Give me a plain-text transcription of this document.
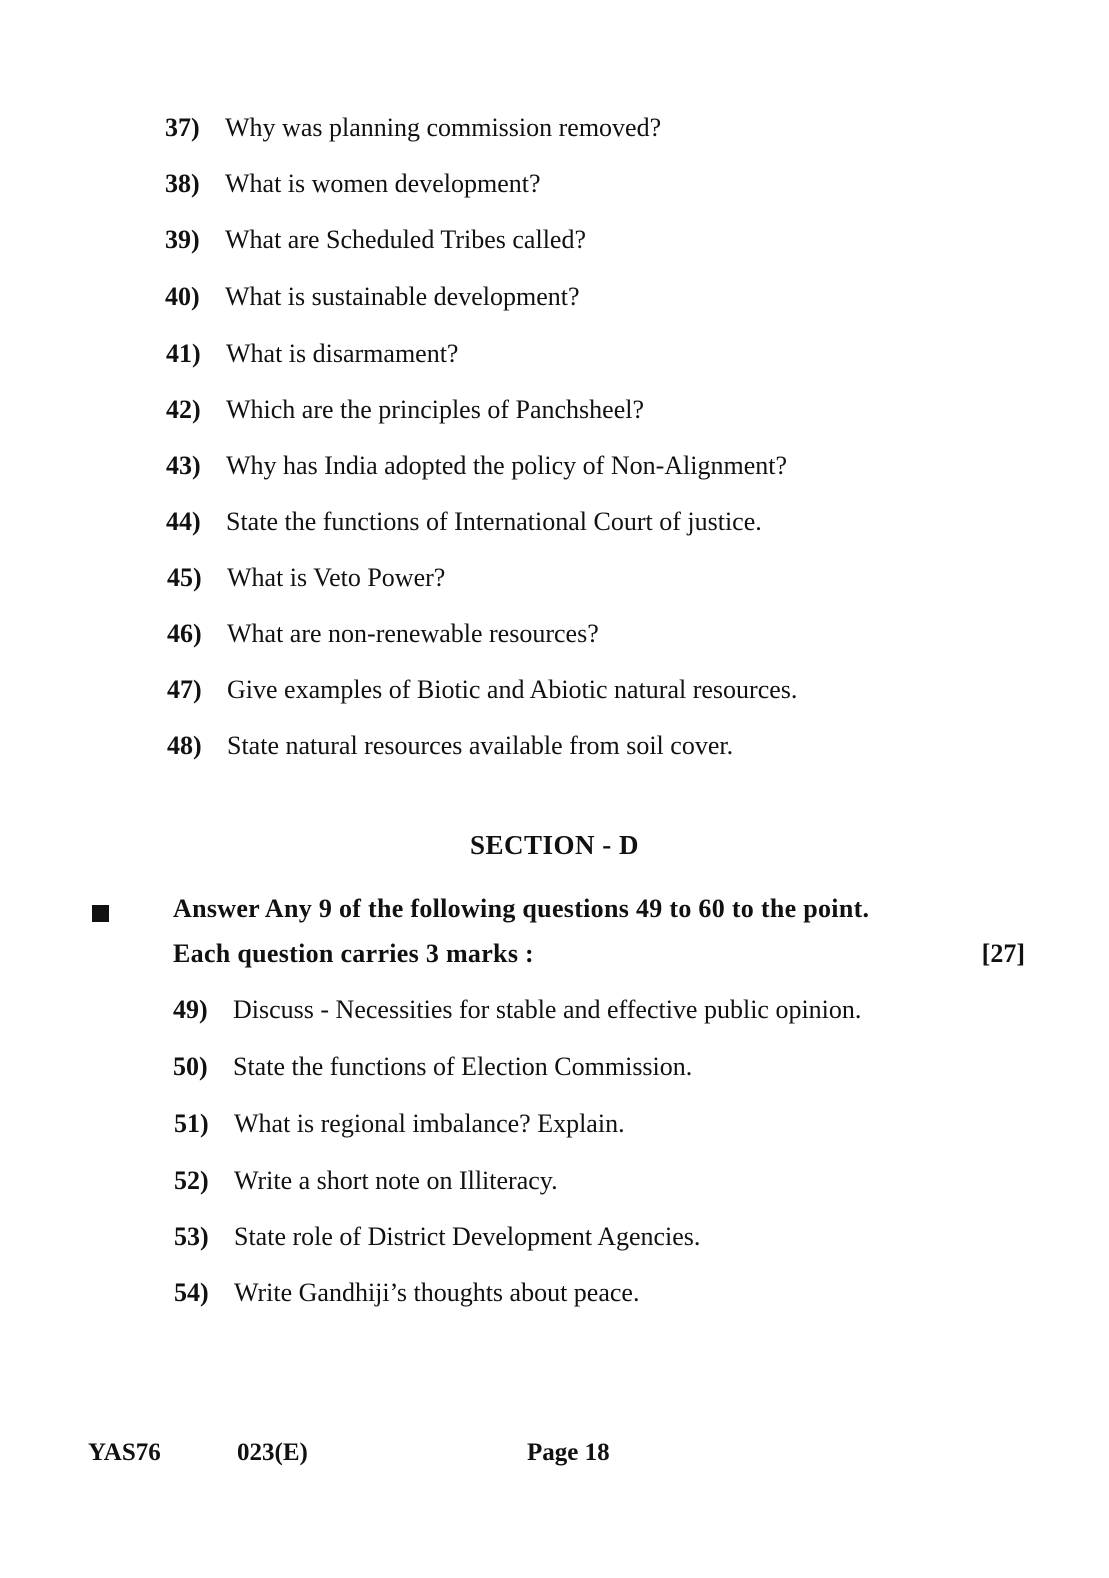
37) Why was planning commission removed?
38) What is women development?
39) What are Scheduled Tribes called?
40) What is sustainable development?
41) What is disarmament?
42) Which are the principles of Panchsheel?
43) Why has India adopted the policy of Non-Alignment?
44) State the functions of International Court of justice.
45) What is Veto Power?
46) What are non-renewable resources?
47) Give examples of Biotic and Abiotic natural resources.
48) State natural resources available from soil cover.
SECTION - D
Answer Any 9 of the following questions 49 to 60 to the point.
Each question carries 3 marks :	[27]
49) Discuss - Necessities for stable and effective public opinion.
50) State the functions of Election Commission.
51) What is regional imbalance? Explain.
52) Write a short note on Illiteracy.
53) State role of District Development Agencies.
54) Write Gandhiji’s thoughts about peace.
YAS76	023(E)	Page 18
